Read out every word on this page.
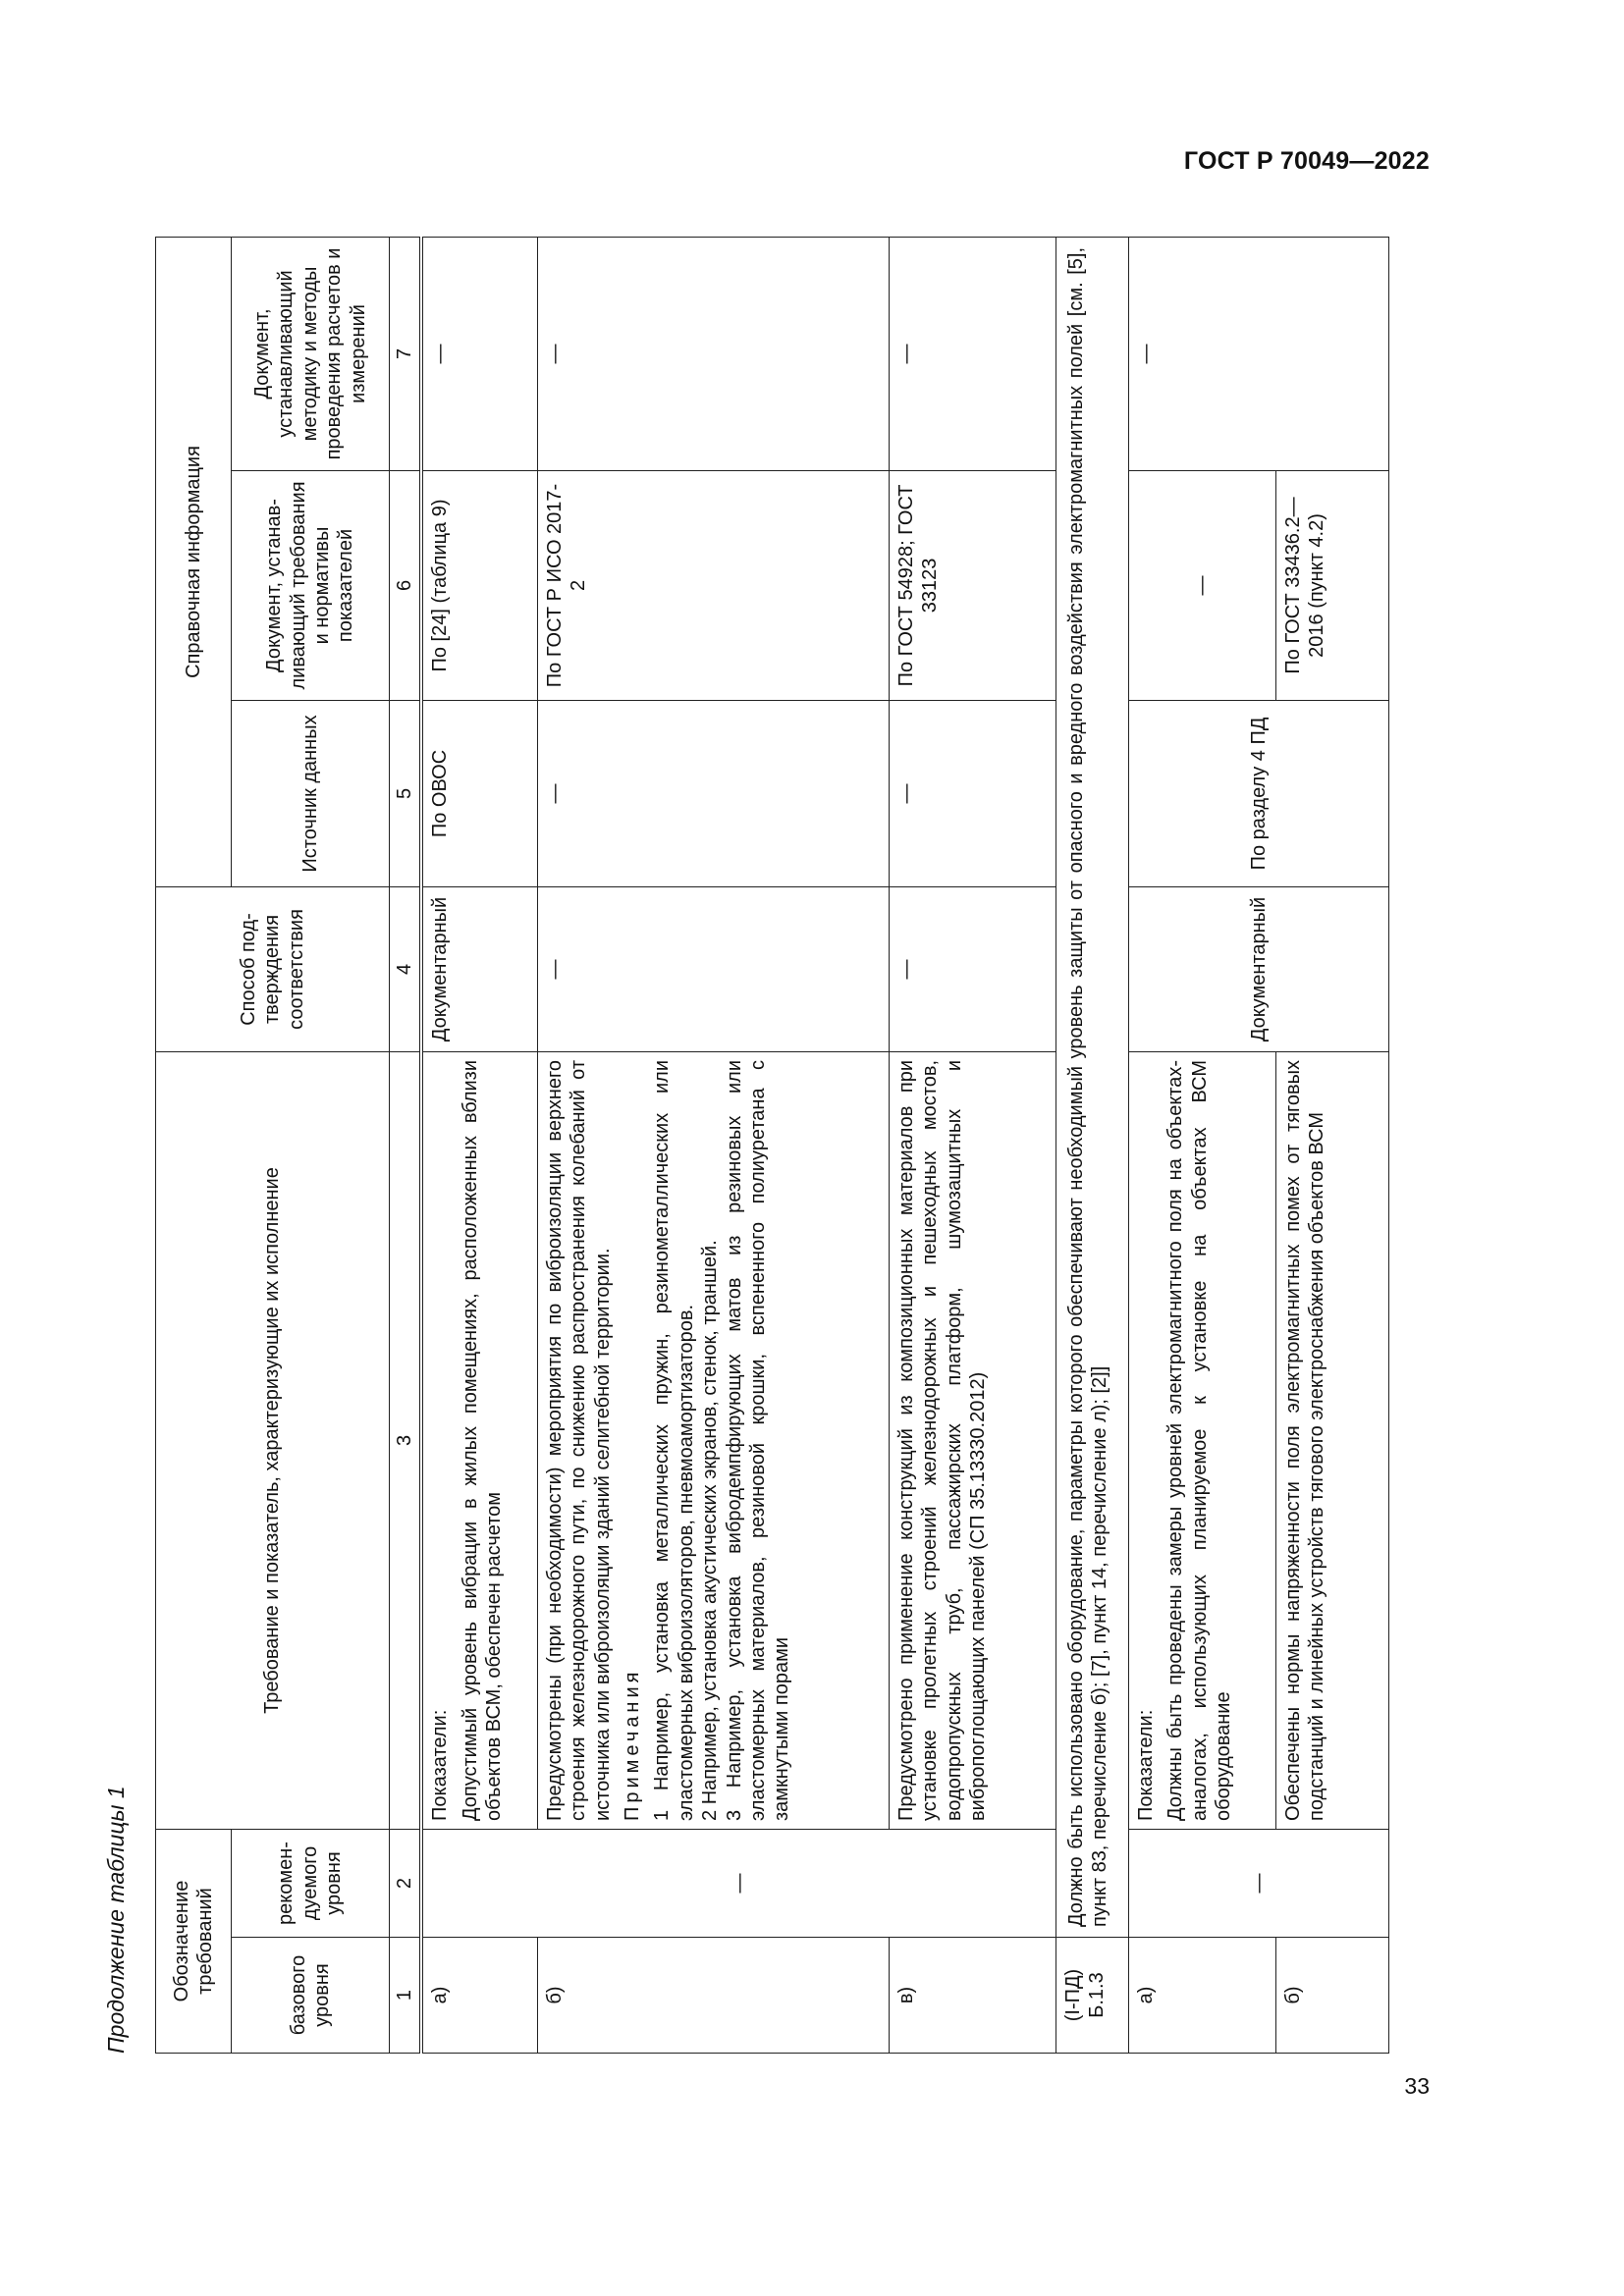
ГОСТ Р 70049—2022
33
Продолжение таблицы 1 Обозначение требований		Требование и показатель, характеризующие их исполнение	Способ подтверждения соответствия	Справочная информация		
базового уровня	рекомендуемого уровня			Источник данных	Документ, устанавливающий требования и нормативы показателей	Документ, устанавливающий методику и методы проведения расчетов и измерений
1	2	3	4	5	6	7
а)	—	Показатели: Допустимый уровень вибрации в жилых помещениях, расположенных вблизи объектов ВСМ, обеспечен расчетом	Документарный	По ОВОС	По [24] (таблица 9)	—
б)		Предусмотрены (при необходимости) мероприятия по виброизоляции верхнего строения железнодорожного пути, по снижению распространения колебаний от источника или виброизоляции зданий селитебной территории. Примечания 1 Например, установка металлических пружин, резинометаллических или эластомерных виброизоляторов, пневмоамортизаторов. 2 Например, установка акустических экранов, стенок, траншей. 3 Например, установка вибродемпфирующих матов из резиновых или эластомерных материалов, резиновой крошки, вспененного полиуретана с замкнутыми порами	—	—	По ГОСТ Р ИСО 2017-2	—
в)		Предусмотрено применение конструкций из композиционных материалов при установке пролетных строений железнодорожных и пешеходных мостов, водопропускных труб, пассажирских платформ, шумозащитных и вибропоглощающих панелей (СП 35.13330.2012)	—	—	По ГОСТ 54928; ГОСТ 33123	—
(I-ПД) Б.1.3	Должно быть использовано оборудование, параметры которого обеспечивают необходимый уровень защиты от опасного и вредного воздействия электромагнитных полей [см. [5], пункт 83, перечисление б); [7], пункт 14, перечисление л); [2]]					
а)	—	Показатели: Должны быть проведены замеры уровней электромагнитного поля на объектах-аналогах, использующих планируемое к установке на объектах ВСМ оборудование	Документарный	По разделу 4 ПД	—	—
б)		Обеспечены нормы напряженности поля электромагнитных помех от тяговых подстанций и линейных устройств тягового электроснабжения объектов ВСМ			По ГОСТ 33436.2—2016 (пункт 4.2)	
